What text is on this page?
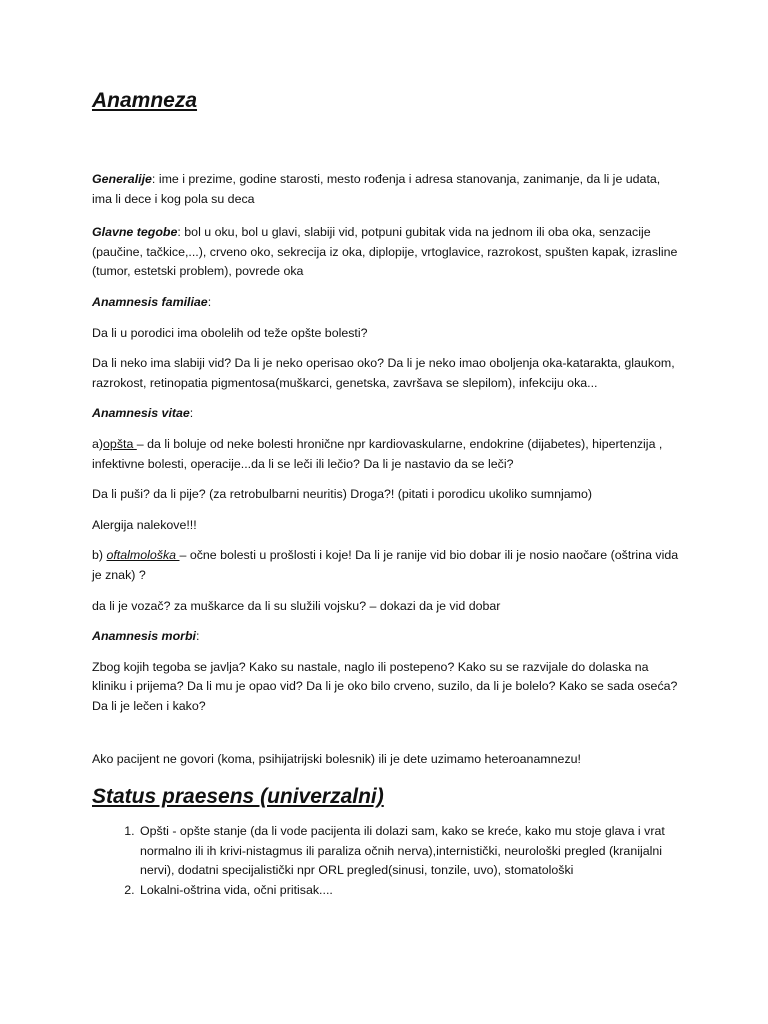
Anamneza

Generalije: ime i prezime, godine starosti, mesto rođenja i adresa stanovanja, zanimanje, da li je udata, ima li dece i kog pola su deca

Glavne tegobe: bol u oku, bol u glavi, slabiji vid, potpuni gubitak vida na jednom ili oba oka, senzacije (paučine, tačkice,...), crveno oko, sekrecija iz oka, diplopije, vrtoglavice, razrokost, spušten kapak, izrasline (tumor, estetski problem), povrede oka

Anamnesis familiae:

Da li u porodici ima obolelih od teže opšte bolesti?

Da li neko ima slabiji vid? Da li je neko operisao oko? Da li je neko imao oboljenja oka-katarakta, glaukom, razrokost, retinopatia pigmentosa(muškarci, genetska, završava se slepilom), infekciju oka...

Anamnesis vitae:

a)opšta – da li boluje od neke bolesti hronične npr kardiovaskularne, endokrine (dijabetes), hipertenzija , infektivne bolesti, operacije...da li se leči ili lečio? Da li je nastavio da se leči?

Da li puši? da li pije? (za retrobulbarni neuritis) Droga?! (pitati i porodicu ukoliko sumnjamo)

Alergija nalekove!!!

b) oftalmološka – očne bolesti u prošlosti i koje! Da li je ranije vid bio dobar ili je nosio naočare (oštrina vida je znak) ?

da li je vozač? za muškarce da li su služili vojsku? – dokazi da je vid dobar

Anamnesis morbi:

Zbog kojih tegoba se javlja? Kako su nastale, naglo ili postepeno? Kako su se razvijale do dolaska na kliniku i prijema? Da li mu je opao vid? Da li je oko bilo crveno, suzilo, da li je bolelo? Kako se sada oseća? Da li je lečen i kako?

Ako pacijent ne govori (koma, psihijatrijski bolesnik) ili je dete uzimamo heteroanamnezu!

Status praesens (univerzalni)
1. Opšti - opšte stanje (da li vode pacijenta ili dolazi sam, kako se kreće, kako mu stoje glava i vrat normalno ili ih krivi-nistagmus ili paraliza očnih nerva),internistički, neurološki pregled (kranijalni nervi), dodatni specijalistički npr ORL pregled(sinusi, tonzile, uvo), stomatološki
2. Lokalni-oštrina vida, očni pritisak....
